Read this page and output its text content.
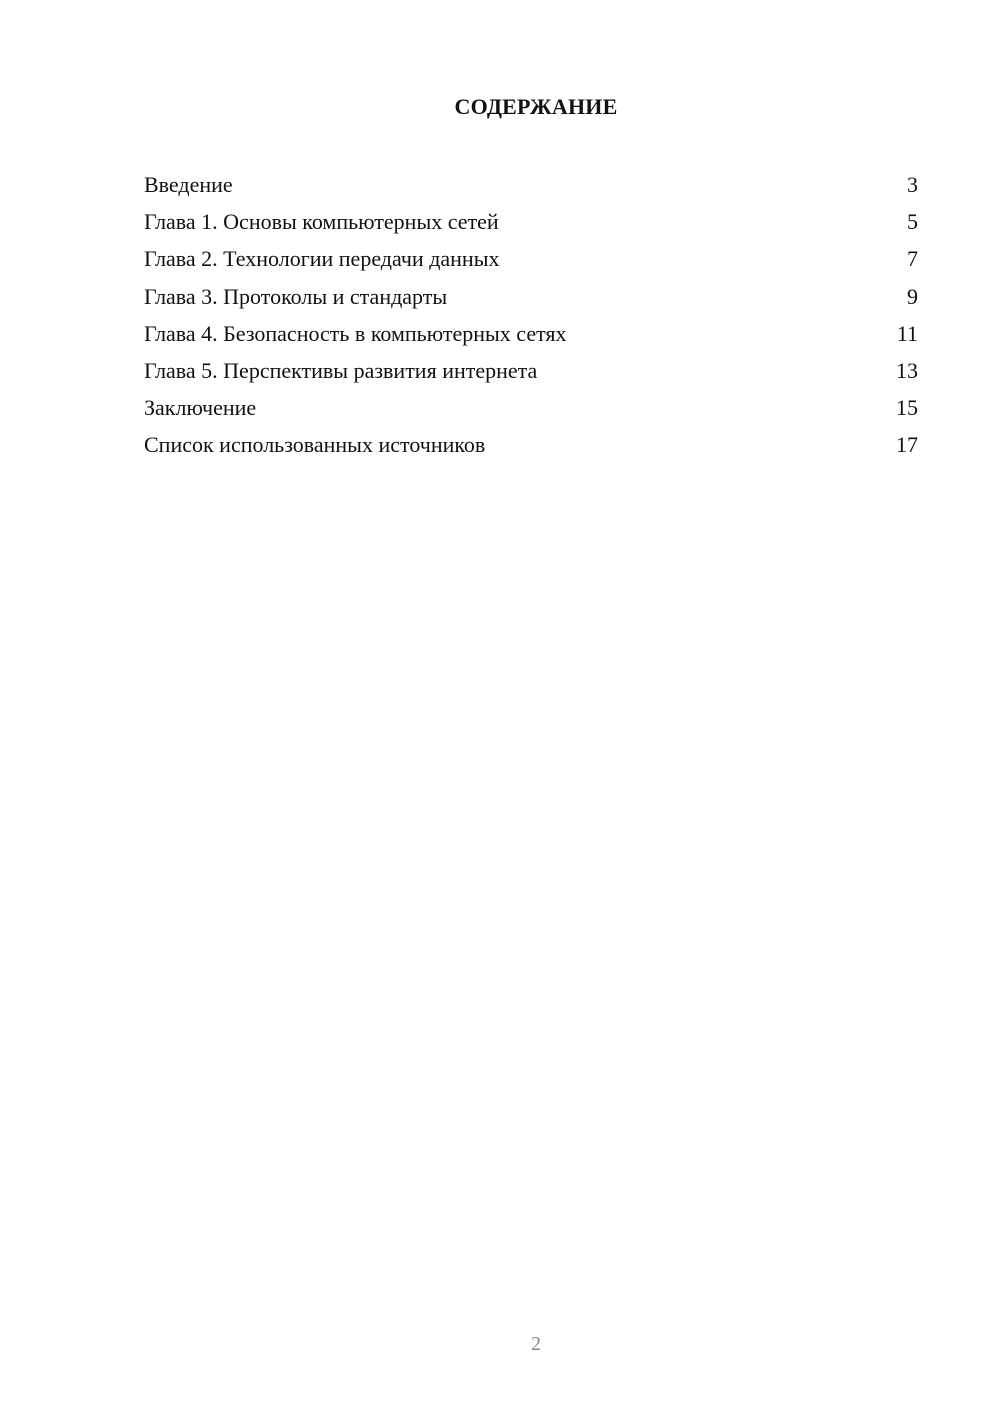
СОДЕРЖАНИЕ
Введение	3
Глава 1. Основы компьютерных сетей	5
Глава 2. Технологии передачи данных	7
Глава 3. Протоколы и стандарты	9
Глава 4. Безопасность в компьютерных сетях	11
Глава 5. Перспективы развития интернета	13
Заключение	15
Список использованных источников	17
2
